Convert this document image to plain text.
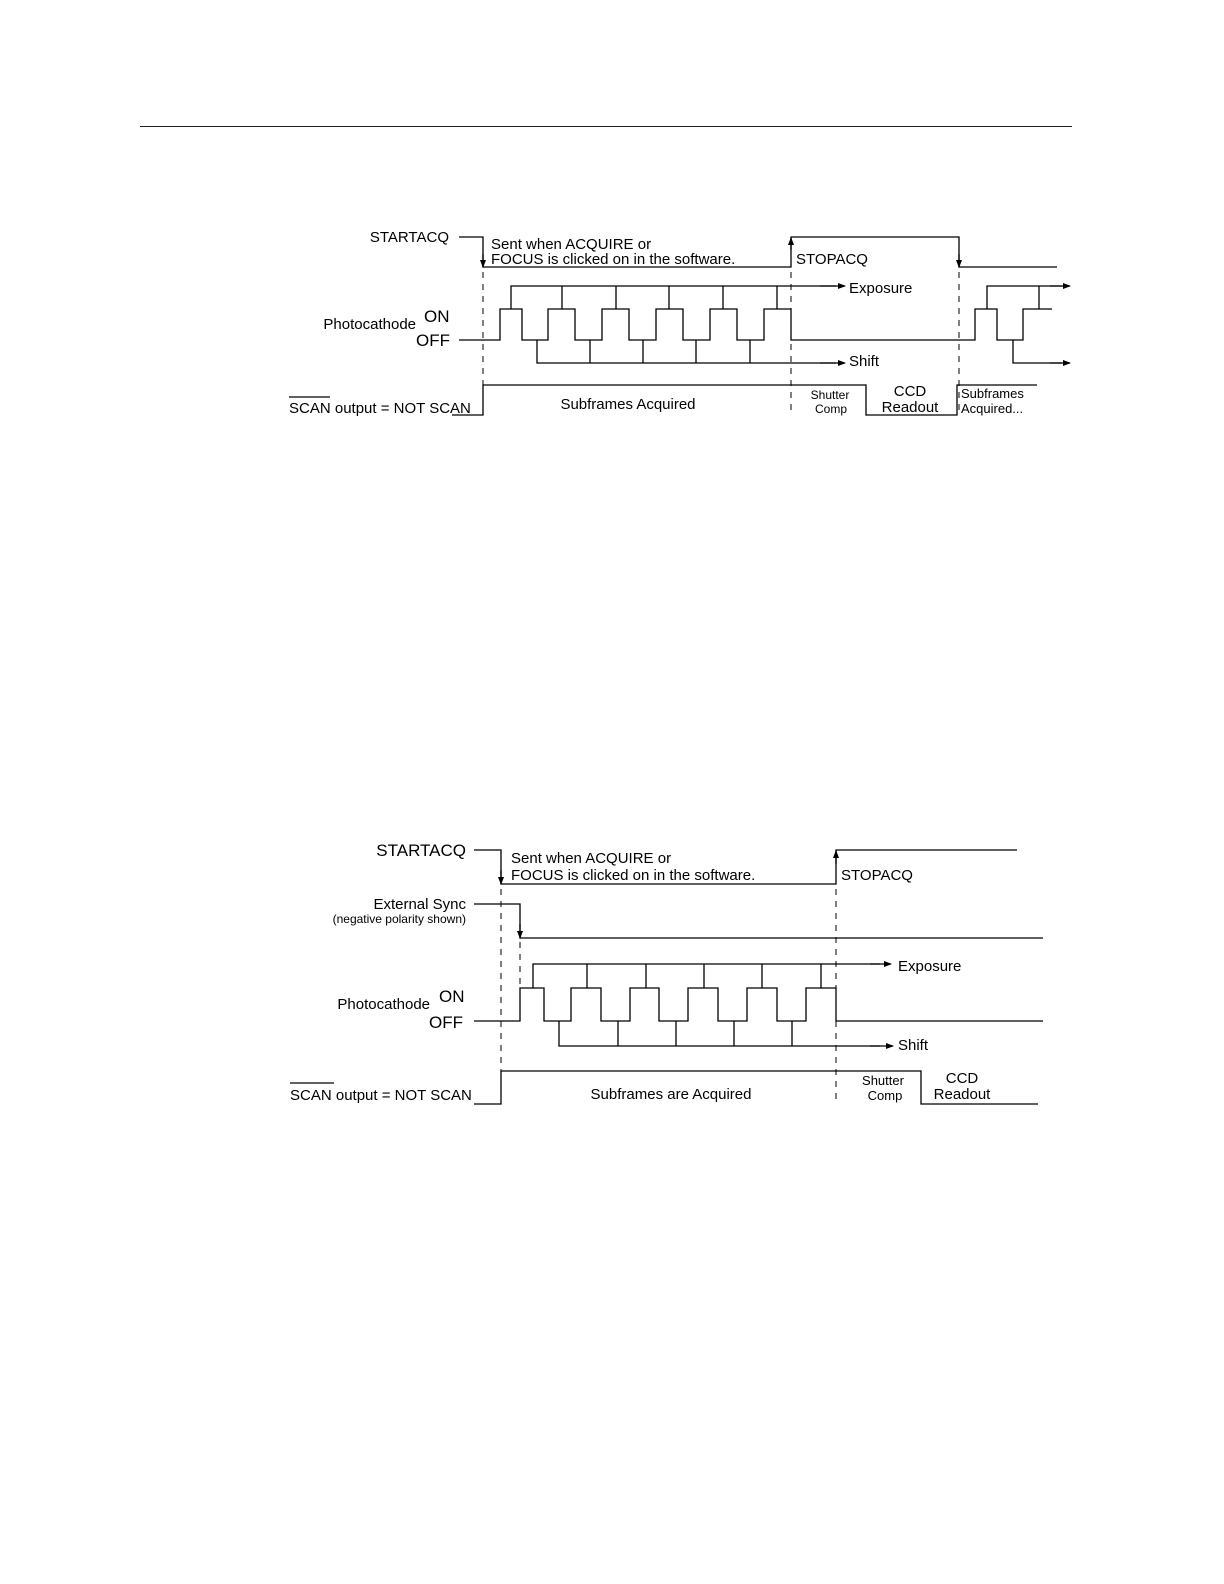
STARTACQ	Sent when ACQUIRE or
FOCUS is clicked on in the software.	STOPACQ
Exposure
Photocathode ON
OFF
Shift
SCAN output = NOT SCAN	Subframes Acquired
Shutter
Comp
CCD
Readout
Subframes
Acquired...
STARTACQ	Sent when ACQUIRE or
FOCUS is clicked on in the software.	STOPACQ
External Sync
(negative polarity shown)
Exposure
Photocathode ON
OFF
Shift
SCAN output = NOT SCAN	Subframes are Acquired
Shutter
Comp
CCD
Readout
